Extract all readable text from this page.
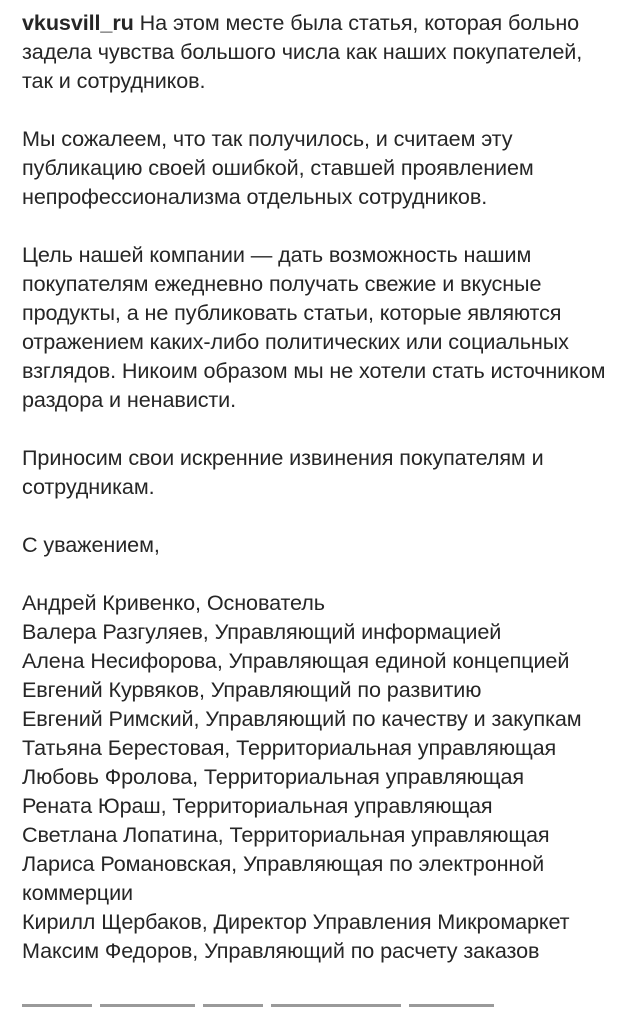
vkusvill_ru На этом месте была статья, которая больно задела чувства большого числа как наших покупателей, так и сотрудников.

Мы сожалеем, что так получилось, и считаем эту публикацию своей ошибкой, ставшей проявлением непрофессионализма отдельных сотрудников.

Цель нашей компании — дать возможность нашим покупателям ежедневно получать свежие и вкусные продукты, а не публиковать статьи, которые являются отражением каких-либо политических или социальных взглядов. Никоим образом мы не хотели стать источником раздора и ненависти.

Приносим свои искренние извинения покупателям и сотрудникам.

С уважением,

Андрей Кривенко, Основатель
Валера Разгуляев, Управляющий информацией
Алена Несифорова, Управляющая единой концепцией
Евгений Курвяков, Управляющий по развитию
Евгений Римский, Управляющий по качеству и закупкам
Татьяна Берестовая, Территориальная управляющая
Любовь Фролова, Территориальная управляющая
Рената Юраш, Территориальная управляющая
Светлана Лопатина, Территориальная управляющая
Лариса Романовская, Управляющая по электронной коммерции
Кирилл Щербаков, Директор Управления Микромаркет
Максим Федоров, Управляющий по расчету заказов
